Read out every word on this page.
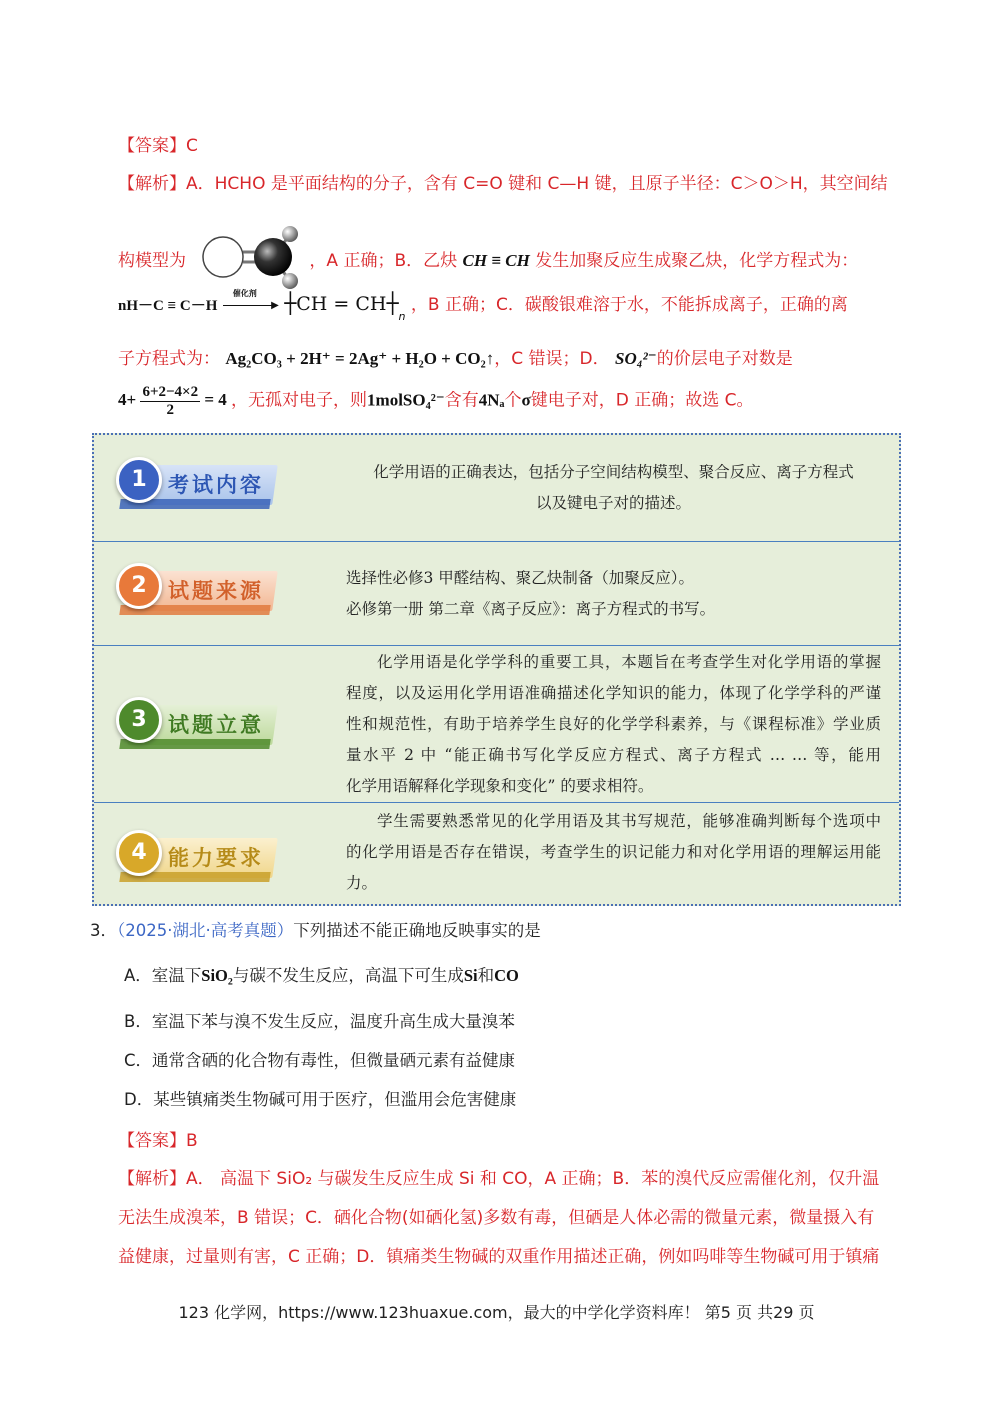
【答案】C
【解析】A．HCHO 是平面结构的分子，含有 C=O 键和 C—H 键，且原子半径：C＞O＞H，其空间结
构模型为	，A 正确；B．乙炔 CH ≡ CH 发生加聚反应生成聚乙炔，化学方程式为：
nH－C ≡ C－H
催化剂
▶ ┼CH = $CH┼_n$ ，B 正确；C．碳酸银难溶于水，不能拆成离子，正确的离
子方程式为： Ag₂CO₃ + 2H⁺ = 2Ag⁺ + H₂O + CO₂↑，C 错误；D． SO₄²⁻的价层电子对数是
$4+ \frac{6+2-4\times 2}{2} = 4$ ，无孤对电子，则1molSO₄²⁻含有4Nₐ个σ键电子对，D 正确；故选 C。
1	考试内容
化学用语的正确表达，包括分子空间结构模型、聚合反应、离子方程式
以及键电子对的描述。
2	试题来源
选择性必修3 甲醛结构、聚乙炔制备（加聚反应）。
必修第一册 第二章《离子反应》：离子方程式的书写。
3	试题立意
化学用语是化学学科的重要工具，本题旨在考查学生对化学用语的掌握
程度，以及运用化学用语准确描述化学知识的能力，体现了化学学科的严谨
性和规范性，有助于培养学生良好的化学学科素养，与《课程标准》学业质
量水平 2 中 “能正确书写化学反应方程式、离子方程式 … … 等，能用
化学用语解释化学现象和变化” 的要求相符。
4	能力要求
学生需要熟悉常见的化学用语及其书写规范，能够准确判断每个选项中
的化学用语是否存在错误，考查学生的识记能力和对化学用语的理解运用能
力。
3．（2025·湖北·高考真题）下列描述不能正确地反映事实的是
A．室温下SiO₂与碳不发生反应，高温下可生成Si和CO
B．室温下苯与溴不发生反应，温度升高生成大量溴苯
C．通常含硒的化合物有毒性，但微量硒元素有益健康
D．某些镇痛类生物碱可用于医疗，但滥用会危害健康
【答案】B
【解析】A． 高温下 SiO₂ 与碳发生反应生成 Si 和 CO，A 正确；B．苯的溴代反应需催化剂，仅升温
无法生成溴苯，B 错误；C．硒化合物(如硒化氢)多数有毒，但硒是人体必需的微量元素，微量摄入有
益健康，过量则有害，C 正确；D．镇痛类生物碱的双重作用描述正确，例如吗啡等生物碱可用于镇痛
123 化学网，https://www.123huaxue.com，最大的中学化学资料库！ 第5 页 共29 页
